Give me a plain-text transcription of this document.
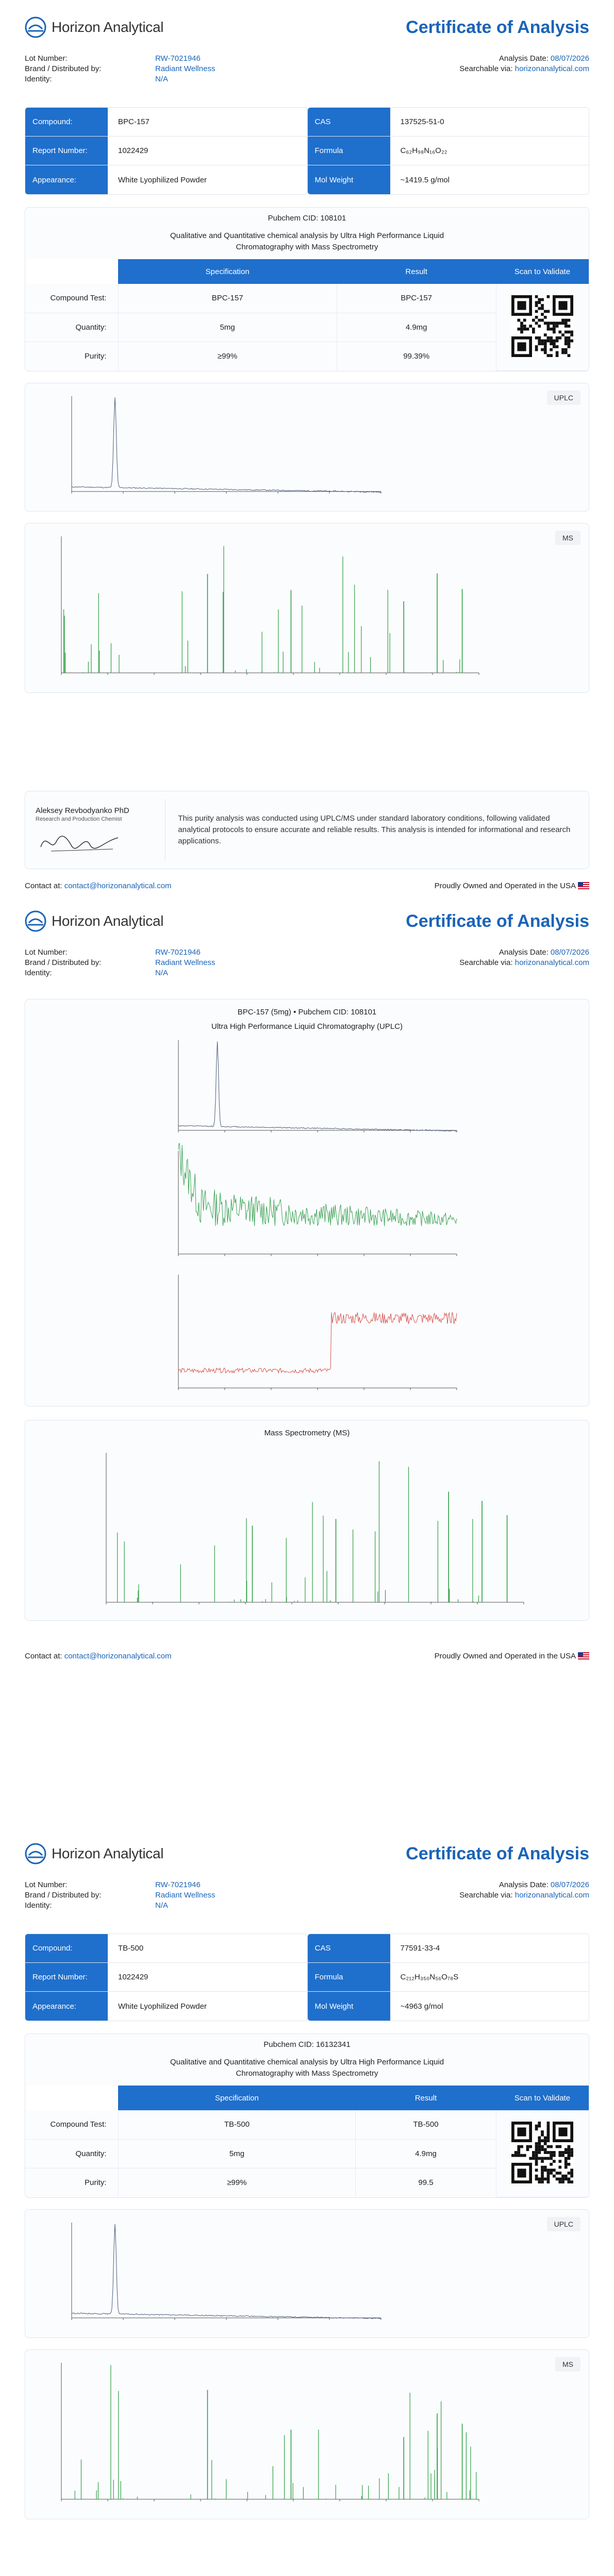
Horizon Analytical	Certificate of Analysis
Lot Number:	RW-7021946
Brand / Distributed by:	Radiant Wellness
Identity:	N/A
Analysis Date: 08/07/2026
Searchable via: horizonanalytical.com
Compound:	BPC-157
Report Number:	1022429
Appearance:	White Lyophilized Powder
CAS	137525-51-0
Formula	C₆₂H₉₈N₁₆O₂₂
Mol Weight	~1419.5 g/mol
Pubchem CID: 108101
Qualitative and Quantitative chemical analysis by Ultra High Performance Liquid Chromatography with Mass Spectrometry
	Specification	Result	Scan to Validate
Compound Test:	BPC-157	BPC-157	
Quantity:	5mg	4.9mg	
Purity:	≥99%	99.39%	
UPLC
MS
Aleksey Revbodyanko PhD
Research and Production Chemist	This purity analysis was conducted using UPLC/MS under standard laboratory conditions, following validated analytical protocols to ensure accurate and reliable results. This analysis is intended for informational and research applications.
Contact at: contact@horizonanalytical.com	Proudly Owned and Operated in the USA
Horizon Analytical	Certificate of Analysis
Lot Number:	RW-7021946
Brand / Distributed by:	Radiant Wellness
Identity:	N/A
Analysis Date: 08/07/2026
Searchable via: horizonanalytical.com
BPC-157 (5mg) • Pubchem CID: 108101
Ultra High Performance Liquid Chromatography (UPLC)
Mass Spectrometry (MS)
Contact at: contact@horizonanalytical.com	Proudly Owned and Operated in the USA
Horizon Analytical	Certificate of Analysis
Lot Number:	RW-7021946
Brand / Distributed by:	Radiant Wellness
Identity:	N/A
Analysis Date: 08/07/2026
Searchable via: horizonanalytical.com
Compound:	TB-500
Report Number:	1022429
Appearance:	White Lyophilized Powder
CAS	77591-33-4
Formula	C₂₁₂H₃₅₀N₅₆O₇₈S
Mol Weight	~4963 g/mol
Pubchem CID: 16132341
Qualitative and Quantitative chemical analysis by Ultra High Performance Liquid Chromatography with Mass Spectrometry
	Specification	Result	Scan to Validate
Compound Test:	TB-500	TB-500	
Quantity:	5mg	4.9mg	
Purity:	≥99%	99.5	
UPLC
MS
